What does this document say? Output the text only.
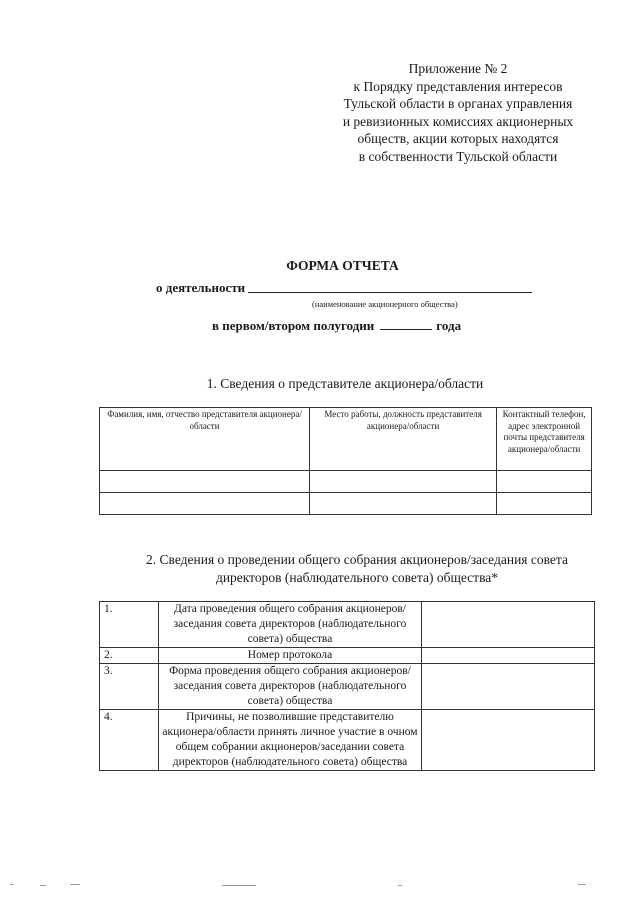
Приложение № 2
к Порядку представления интересов
Тульской области в органах управления
и ревизионных комиссиях акционерных
обществ, акции которых находятся
в собственности Тульской области
ФОРМА ОТЧЕТА
о деятельности
(наименование акционерного общества)
в первом/втором полугодии	года
1. Сведения о представителе акционера/области
Фамилия, имя, отчество представителя акционера/области	Место работы, должность представителя акционера/области	Контактный телефон, адрес электронной почты представителя акционера/области

2. Сведения о проведении общего собрания акционеров/заседания совета директоров (наблюдательного совета) общества*
1.	Дата проведения общего собрания акционеров/заседания совета директоров (наблюдательного совета) общества	
2.	Номер протокола	
3.	Форма проведения общего собрания акционеров/заседания совета директоров (наблюдательного совета) общества	
4.	Причины, не позволившие представителю акционера/области принять личное участие в очном общем собрании акционеров/заседании совета директоров (наблюдательного совета) общества	
